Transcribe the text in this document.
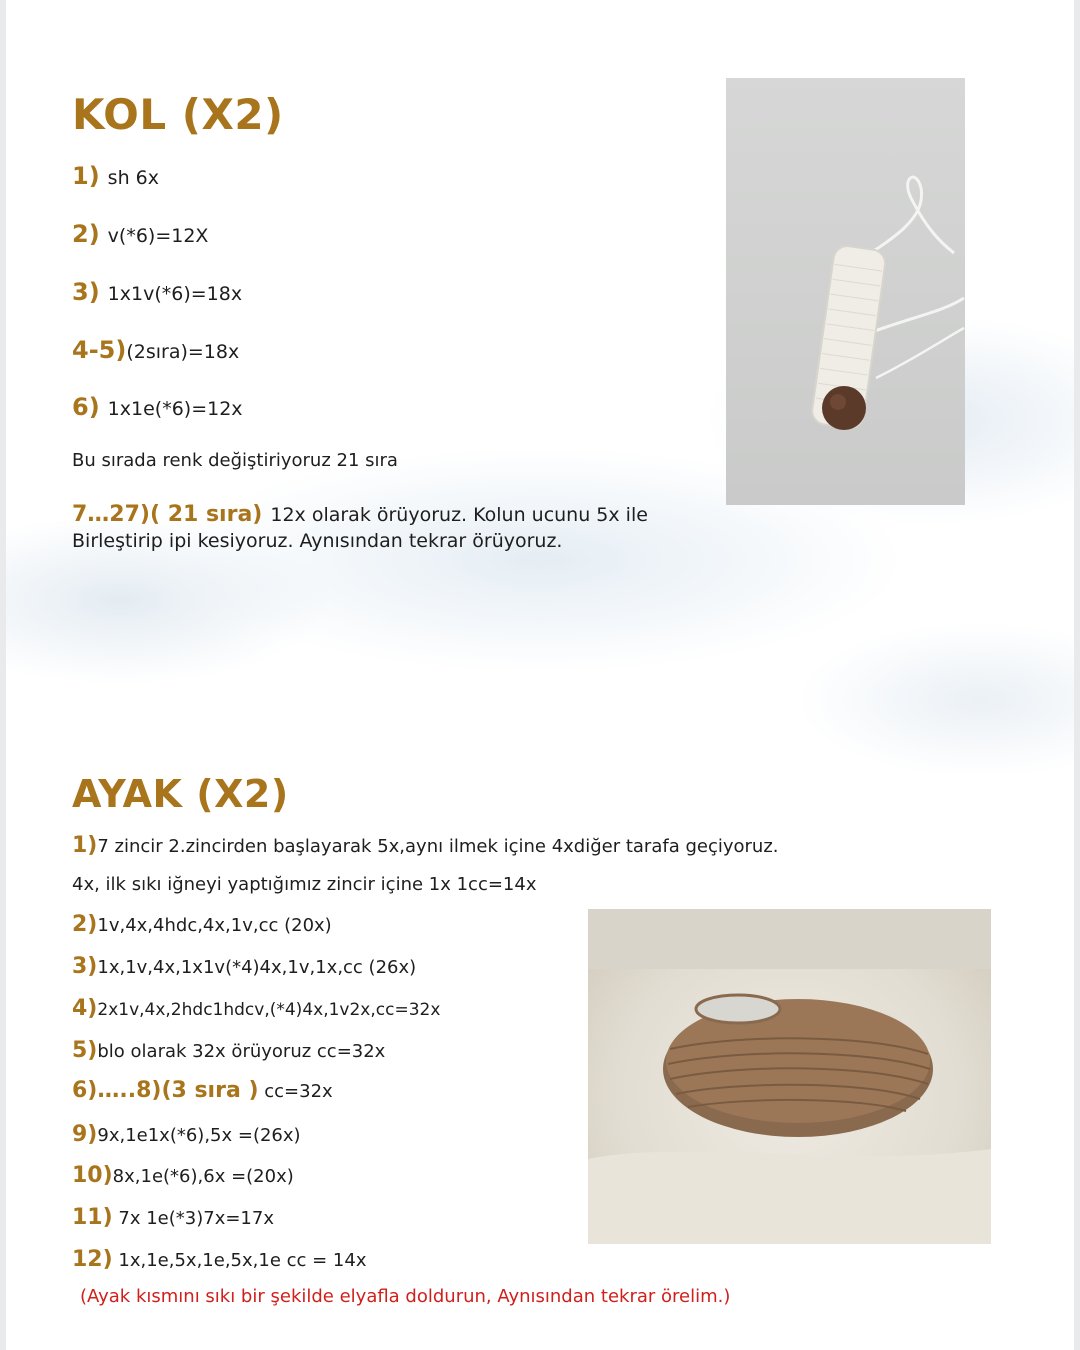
KOL (X2)
1) sh 6x
2) v(*6)=12X
3) 1x1v(*6)=18x
4-5)(2sıra)=18x
6) 1x1e(*6)=12x
Bu sırada renk değiştiriyoruz 21 sıra
7…27)( 21 sıra) 12x olarak örüyoruz. Kolun ucunu 5x ile
Birleştirip ipi kesiyoruz. Aynısından tekrar örüyoruz.
AYAK (X2)
1)7 zincir 2.zincirden başlayarak 5x,aynı ilmek içine 4xdiğer tarafa geçiyoruz.
4x, ilk sıkı iğneyi yaptığımız zincir içine 1x 1cc=14x
2)1v,4x,4hdc,4x,1v,cc (20x)
3)1x,1v,4x,1x1v(*4)4x,1v,1x,cc (26x)
4)2x1v,4x,2hdc1hdcv,(*4)4x,1v2x,cc=32x
5)blo olarak 32x örüyoruz cc=32x
6)…..8)(3 sıra ) cc=32x
9)9x,1e1x(*6),5x =(26x)
10)8x,1e(*6),6x =(20x)
11) 7x 1e(*3)7x=17x
12) 1x,1e,5x,1e,5x,1e cc = 14x
(Ayak kısmını sıkı bir şekilde elyafla doldurun, Aynısından tekrar örelim.)
